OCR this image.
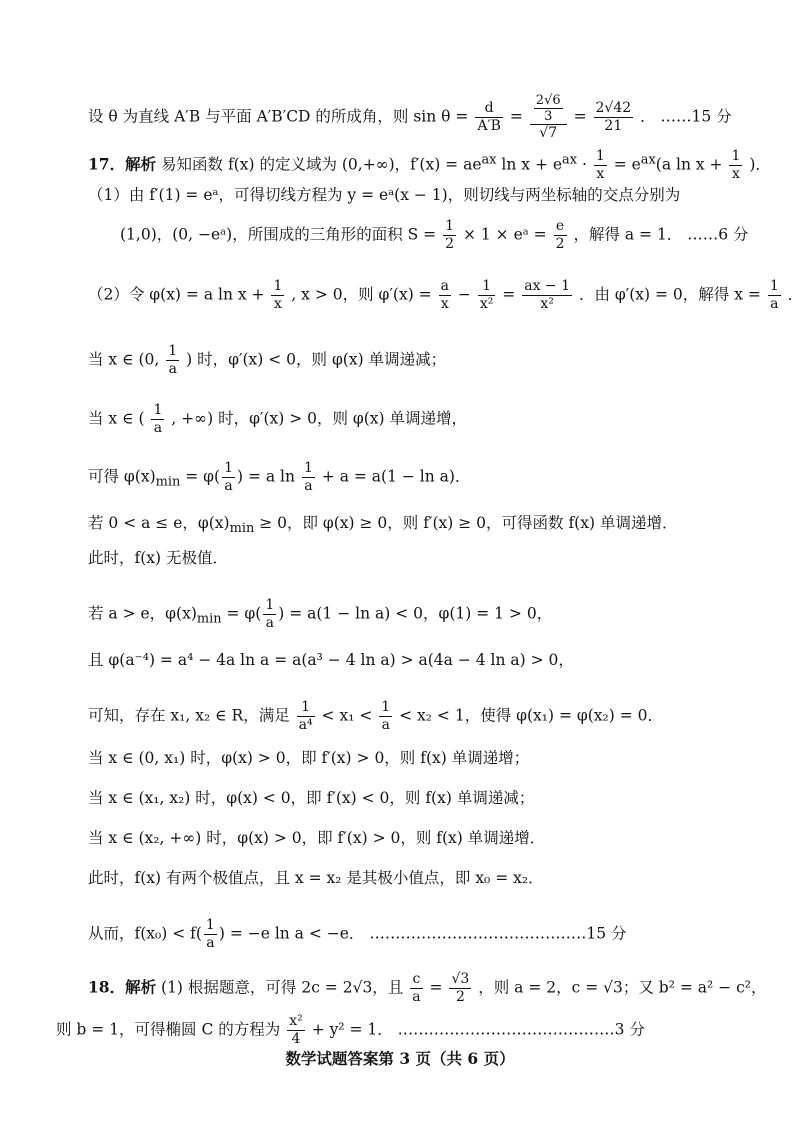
设 θ 为直线 A′B 与平面 A′B′CD 的所成角，则 $\sin \theta = \frac{d}{A'B} = \frac{\frac{2√6}{3}}{√7} = \frac{2√42}{21}$ ． ……15 分
17．解析 易知函数 f(x) 的定义域为 (0,+∞)，$f'(x) = ae^{ax}$ $\ln x + e^{ax} \cdot \frac{1}{x} = e^{ax}(a$ $\ln x + \frac{1}{x}$ )．
（1）由 f′(1) = eᵃ，可得切线方程为 y = eᵃ(x − 1)，则切线与两坐标轴的交点分别为
(1,0)，(0, −eᵃ)，所围成的三角形的面积 $S = \frac{1}{2} \times 1$ × eᵃ = $\frac{e}{2}$ ，解得 a = 1． ……6 分
（2）令 φ(x) = a $\ln x + \frac{1}{x}$ , x > 0，则 $\varphi'(x) = \frac{a}{x} - \frac{1}{\text{x²}} = \frac{ax - 1}{\text{x²}}$ ．由 φ′(x) = 0，解得 $x = \frac{1}{a}$ ．
当 x ∈ (0, $\frac{1}{a}$ ) 时，φ′(x) < 0，则 φ(x) 单调递减；
当 x ∈ ( $\frac{1}{a}$ , +∞) 时，φ′(x) > 0，则 φ(x) 单调递增，
可得 $\varphi(x)_{min} = \varphi( \frac{1}{a}$ ) = a $\ln \frac{1}{a} + a = a(1 - \ln a)$．
若 0 < a ≤ e，$\varphi(x)_{min} \ge 0$，即 φ(x) ≥ 0，则 f′(x) ≥ 0，可得函数 f(x) 单调递增．
此时，f(x) 无极值．
若 a > e，$\varphi(x)_{min} = \varphi( \frac{1}{a}$ ) = a(1 − ln a) < 0，φ(1) = 1 > 0，
且 φ(a⁻⁴) = a⁴ − 4a ln a = a(a³ − 4 ln a) > a(4a − 4 ln a) > 0，
可知，存在 x₁, x₂ ∈ R，满足 $\frac{1}{\text{a⁴}} < x_1 < \frac{1}{a} < x_2 < 1$，使得 φ(x₁) = φ(x₂) = 0．
当 x ∈ (0, x₁) 时，φ(x) > 0，即 f′(x) > 0，则 f(x) 单调递增；
当 x ∈ (x₁, x₂) 时，φ(x) < 0，即 f′(x) < 0，则 f(x) 单调递减；
当 x ∈ (x₂, +∞) 时，φ(x) > 0，即 f′(x) > 0，则 f(x) 单调递增．
此时，f(x) 有两个极值点，且 x = x₂ 是其极小值点，即 x₀ = x₂．
从而，$f(x_0) < f( \frac{1}{a}$ ) = −e ln a < −e． ……………………………………15 分
18．解析 (1) 根据题意，可得 2c = 2√3，且 $\frac{c}{a} = \frac{√3}{2}$ ，则 a = 2，c = √3；又 b² = a² − c²，
则 b = 1，可得椭圆 C 的方程为 $\frac{\text{x²}}{4} + y^2 = 1$． ……………………………………3 分
数学试题答案第 3 页（共 6 页）
